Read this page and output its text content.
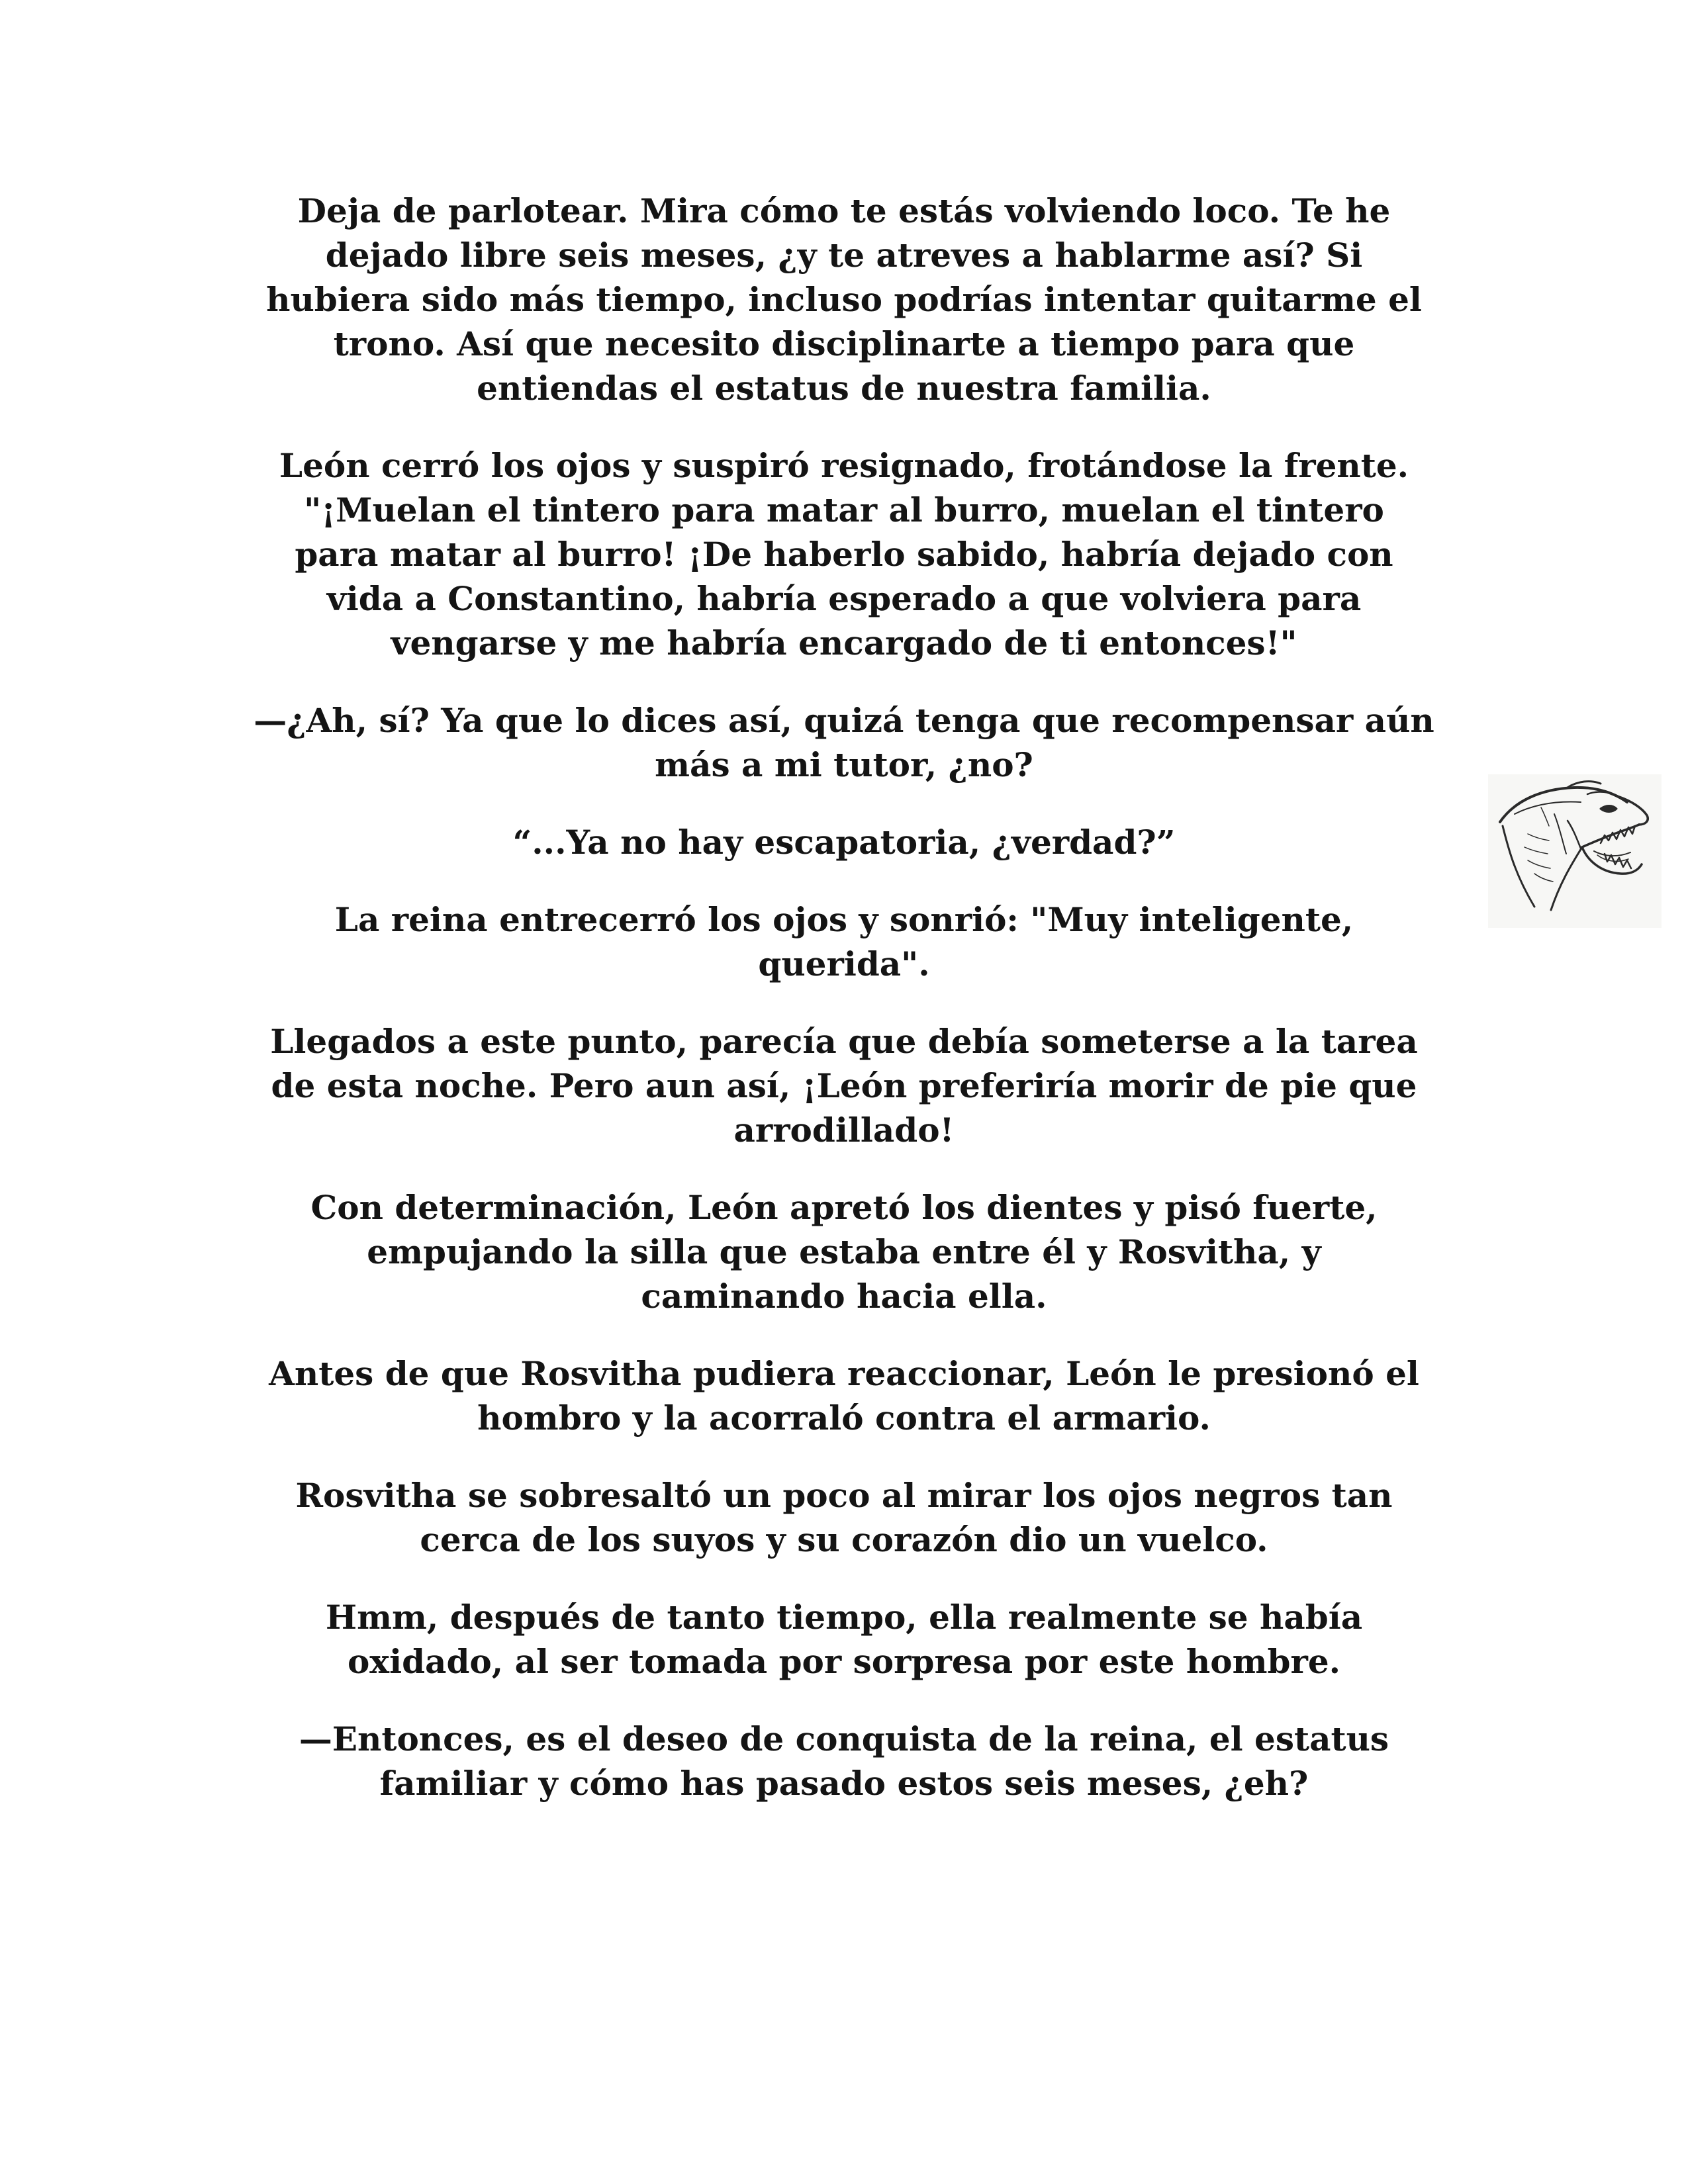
Deja de parlotear. Mira cómo te estás volviendo loco. Te he
dejado libre seis meses, ¿y te atreves a hablarme así? Si
hubiera sido más tiempo, incluso podrías intentar quitarme el
trono. Así que necesito disciplinarte a tiempo para que
entiendas el estatus de nuestra familia.

León cerró los ojos y suspiró resignado, frotándose la frente.
"¡Muelan el tintero para matar al burro, muelan el tintero
para matar al burro! ¡De haberlo sabido, habría dejado con
vida a Constantino, habría esperado a que volviera para
vengarse y me habría encargado de ti entonces!"

—¿Ah, sí? Ya que lo dices así, quizá tenga que recompensar aún
más a mi tutor, ¿no?

“...Ya no hay escapatoria, ¿verdad?”

La reina entrecerró los ojos y sonrió: "Muy inteligente,
querida".

Llegados a este punto, parecía que debía someterse a la tarea
de esta noche. Pero aun así, ¡León preferiría morir de pie que
arrodillado!

Con determinación, León apretó los dientes y pisó fuerte,
empujando la silla que estaba entre él y Rosvitha, y
caminando hacia ella.

Antes de que Rosvitha pudiera reaccionar, León le presionó el
hombro y la acorraló contra el armario.

Rosvitha se sobresaltó un poco al mirar los ojos negros tan
cerca de los suyos y su corazón dio un vuelco.

Hmm, después de tanto tiempo, ella realmente se había
oxidado, al ser tomada por sorpresa por este hombre.

—Entonces, es el deseo de conquista de la reina, el estatus
familiar y cómo has pasado estos seis meses, ¿eh?
